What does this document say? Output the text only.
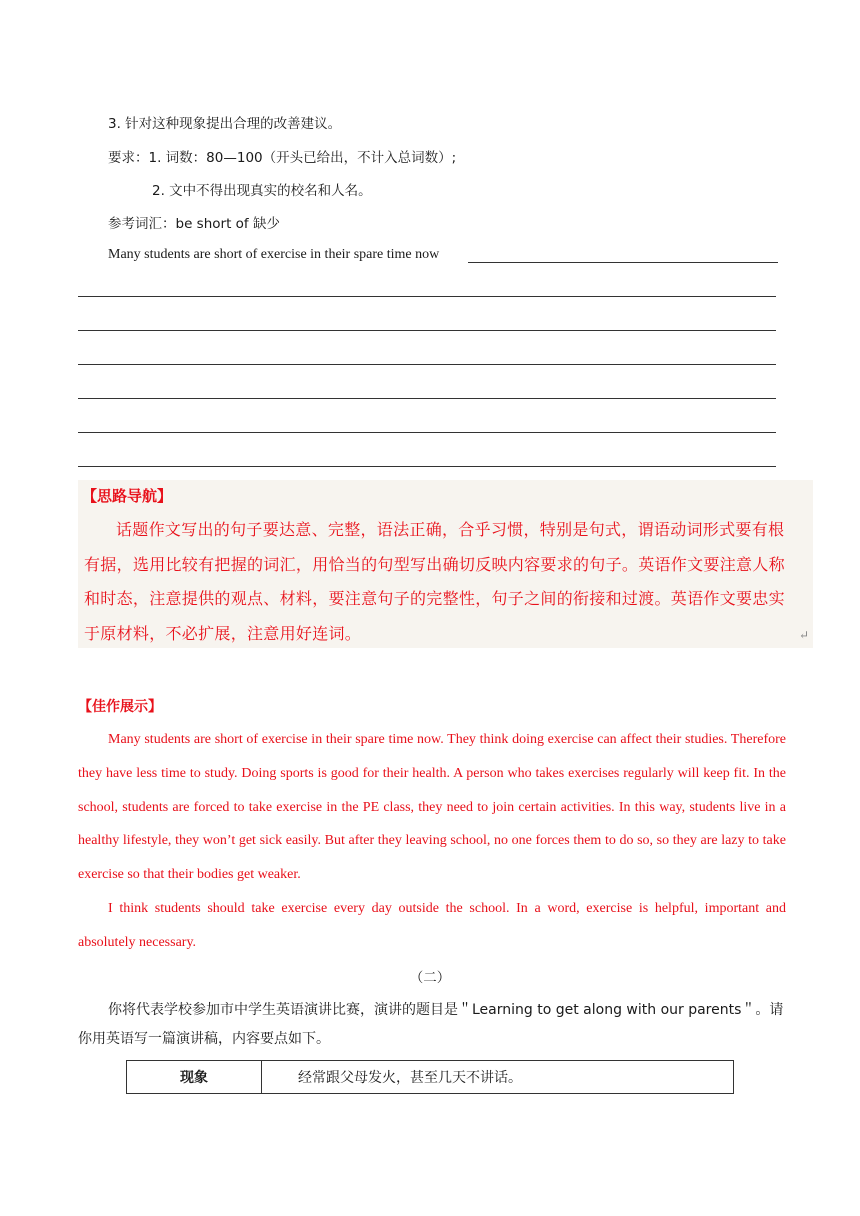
3. 针对这种现象提出合理的改善建议。
要求：1. 词数：80—100（开头已给出，不计入总词数）;
2. 文中不得出现真实的校名和人名。
参考词汇：be short of 缺少
Many students are short of exercise in their spare time now
【思路导航】
话题作文写出的句子要达意、完整，语法正确，合乎习惯，特别是句式，谓语动词形式要有根有据，选用比较有把握的词汇，用恰当的句型写出确切反映内容要求的句子。英语作文要注意人称和时态，注意提供的观点、材料，要注意句子的完整性，句子之间的衔接和过渡。英语作文要忠实于原材料，不必扩展，注意用好连词。	↵
【佳作展示】
Many students are short of exercise in their spare time now. They think doing exercise can affect their studies. Therefore they have less time to study. Doing sports is good for their health. A person who takes exercises regularly will keep fit. In the school, students are forced to take exercise in the PE class, they need to join certain activities. In this way, students live in a healthy lifestyle, they won’t get sick easily. But after they leaving school, no one forces them to do so, so they are lazy to take exercise so that their bodies get weaker.
I think students should take exercise every day outside the school. In a word, exercise is helpful, important and absolutely necessary.
（二）
你将代表学校参加市中学生英语演讲比赛，演讲的题目是＂Learning to get along with our parents＂。请你用英语写一篇演讲稿，内容要点如下。
现象	经常跟父母发火，甚至几天不讲话。
